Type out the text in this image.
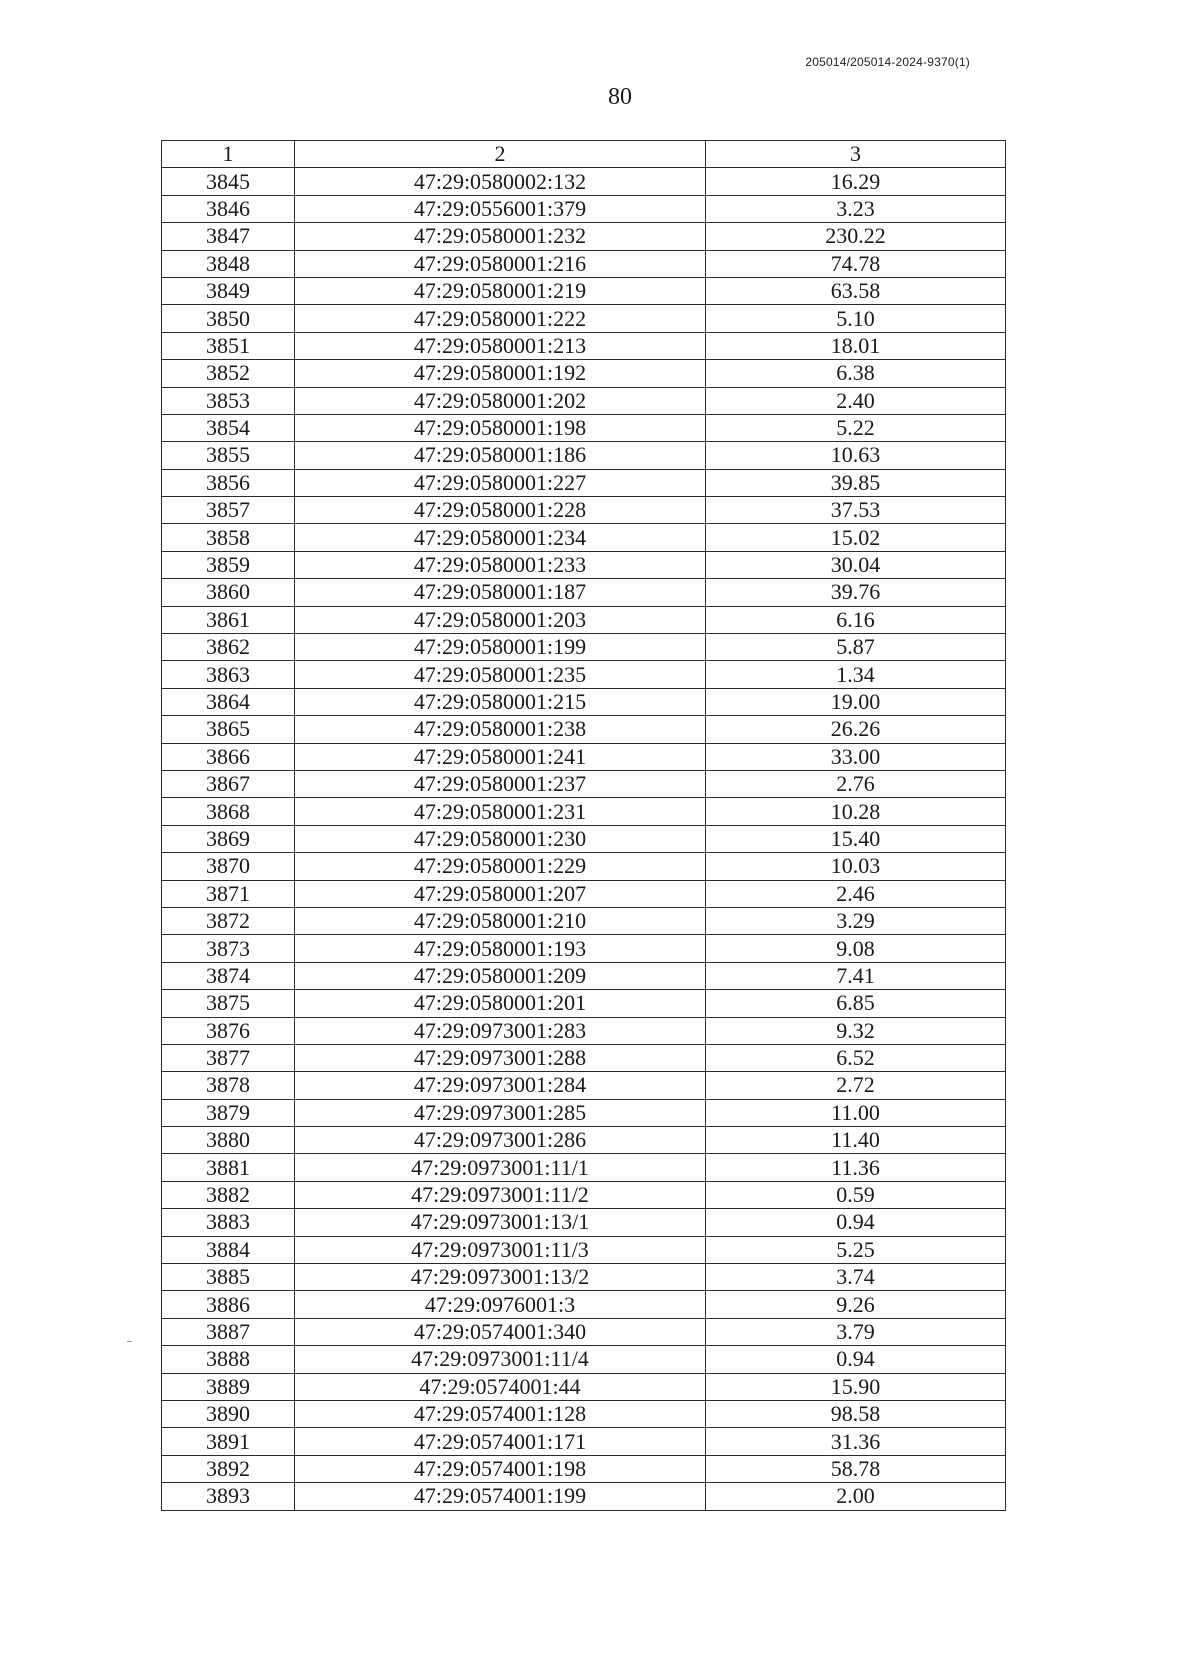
205014/205014-2024-9370(1)
80
1	2	3
3845	47:29:0580002:132	16.29
3846	47:29:0556001:379	3.23
3847	47:29:0580001:232	230.22
3848	47:29:0580001:216	74.78
3849	47:29:0580001:219	63.58
3850	47:29:0580001:222	5.10
3851	47:29:0580001:213	18.01
3852	47:29:0580001:192	6.38
3853	47:29:0580001:202	2.40
3854	47:29:0580001:198	5.22
3855	47:29:0580001:186	10.63
3856	47:29:0580001:227	39.85
3857	47:29:0580001:228	37.53
3858	47:29:0580001:234	15.02
3859	47:29:0580001:233	30.04
3860	47:29:0580001:187	39.76
3861	47:29:0580001:203	6.16
3862	47:29:0580001:199	5.87
3863	47:29:0580001:235	1.34
3864	47:29:0580001:215	19.00
3865	47:29:0580001:238	26.26
3866	47:29:0580001:241	33.00
3867	47:29:0580001:237	2.76
3868	47:29:0580001:231	10.28
3869	47:29:0580001:230	15.40
3870	47:29:0580001:229	10.03
3871	47:29:0580001:207	2.46
3872	47:29:0580001:210	3.29
3873	47:29:0580001:193	9.08
3874	47:29:0580001:209	7.41
3875	47:29:0580001:201	6.85
3876	47:29:0973001:283	9.32
3877	47:29:0973001:288	6.52
3878	47:29:0973001:284	2.72
3879	47:29:0973001:285	11.00
3880	47:29:0973001:286	11.40
3881	47:29:0973001:11/1	11.36
3882	47:29:0973001:11/2	0.59
3883	47:29:0973001:13/1	0.94
3884	47:29:0973001:11/3	5.25
3885	47:29:0973001:13/2	3.74
3886	47:29:0976001:3	9.26
3887	47:29:0574001:340	3.79
3888	47:29:0973001:11/4	0.94
3889	47:29:0574001:44	15.90
3890	47:29:0574001:128	98.58
3891	47:29:0574001:171	31.36
3892	47:29:0574001:198	58.78
3893	47:29:0574001:199	2.00
